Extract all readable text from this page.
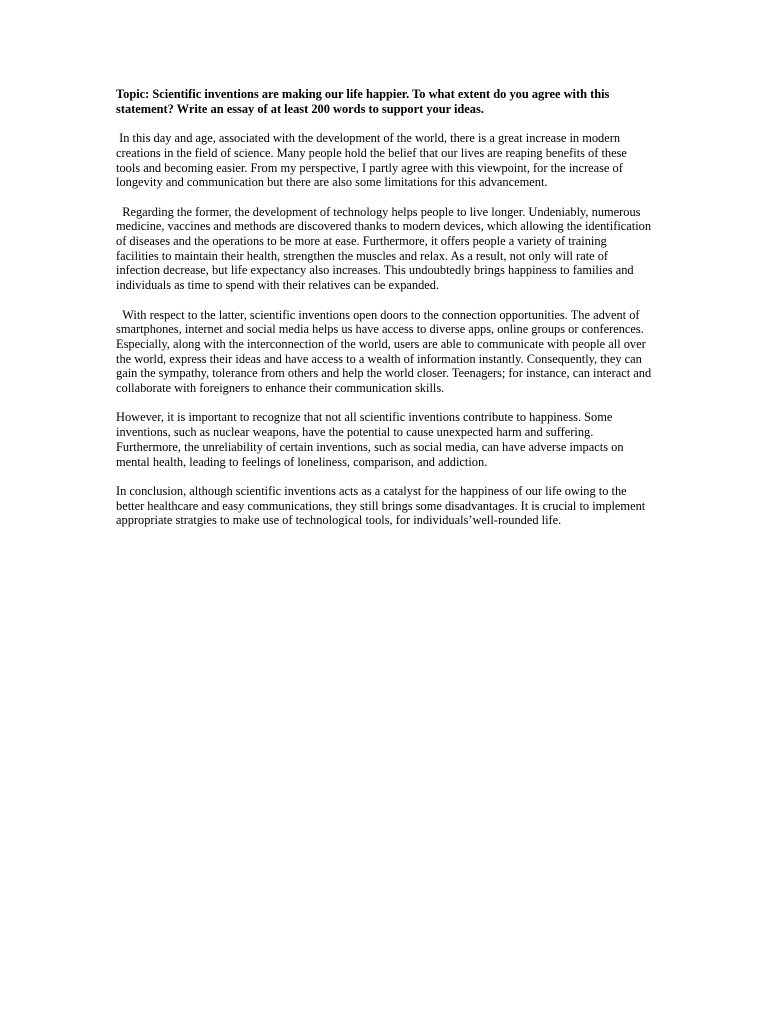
Topic: Scientific inventions are making our life happier. To what extent do you agree with this statement? Write an essay of at least 200 words to support your ideas.

In this day and age, associated with the development of the world, there is a great increase in modern creations in the field of science. Many people hold the belief that our lives are reaping benefits of these tools and becoming easier. From my perspective, I partly agree with this viewpoint, for the increase of longevity and communication but there are also some limitations for this advancement.

Regarding the former, the development of technology helps people to live longer. Undeniably, numerous medicine, vaccines and methods are discovered thanks to modern devices, which allowing the identification of diseases and the operations to be more at ease. Furthermore, it offers people a variety of training facilities to maintain their health, strengthen the muscles and relax. As a result, not only will rate of infection decrease, but life expectancy also increases. This undoubtedly brings happiness to families and individuals as time to spend with their relatives can be expanded.

With respect to the latter, scientific inventions open doors to the connection opportunities. The advent of smartphones, internet and social media helps us have access to diverse apps, online groups or conferences. Especially, along with the interconnection of the world, users are able to communicate with people all over the world, express their ideas and have access to a wealth of information instantly. Consequently, they can gain the sympathy, tolerance from others and help the world closer. Teenagers; for instance, can interact and collaborate with foreigners to enhance their communication skills.

However, it is important to recognize that not all scientific inventions contribute to happiness. Some inventions, such as nuclear weapons, have the potential to cause unexpected harm and suffering. Furthermore, the unreliability of certain inventions, such as social media, can have adverse impacts on mental health, leading to feelings of loneliness, comparison, and addiction.

In conclusion, although scientific inventions acts as a catalyst for the happiness of our life owing to the better healthcare and easy communications, they still brings some disadvantages. It is crucial to implement appropriate stratgies to make use of technological tools, for individuals’well-rounded life.
